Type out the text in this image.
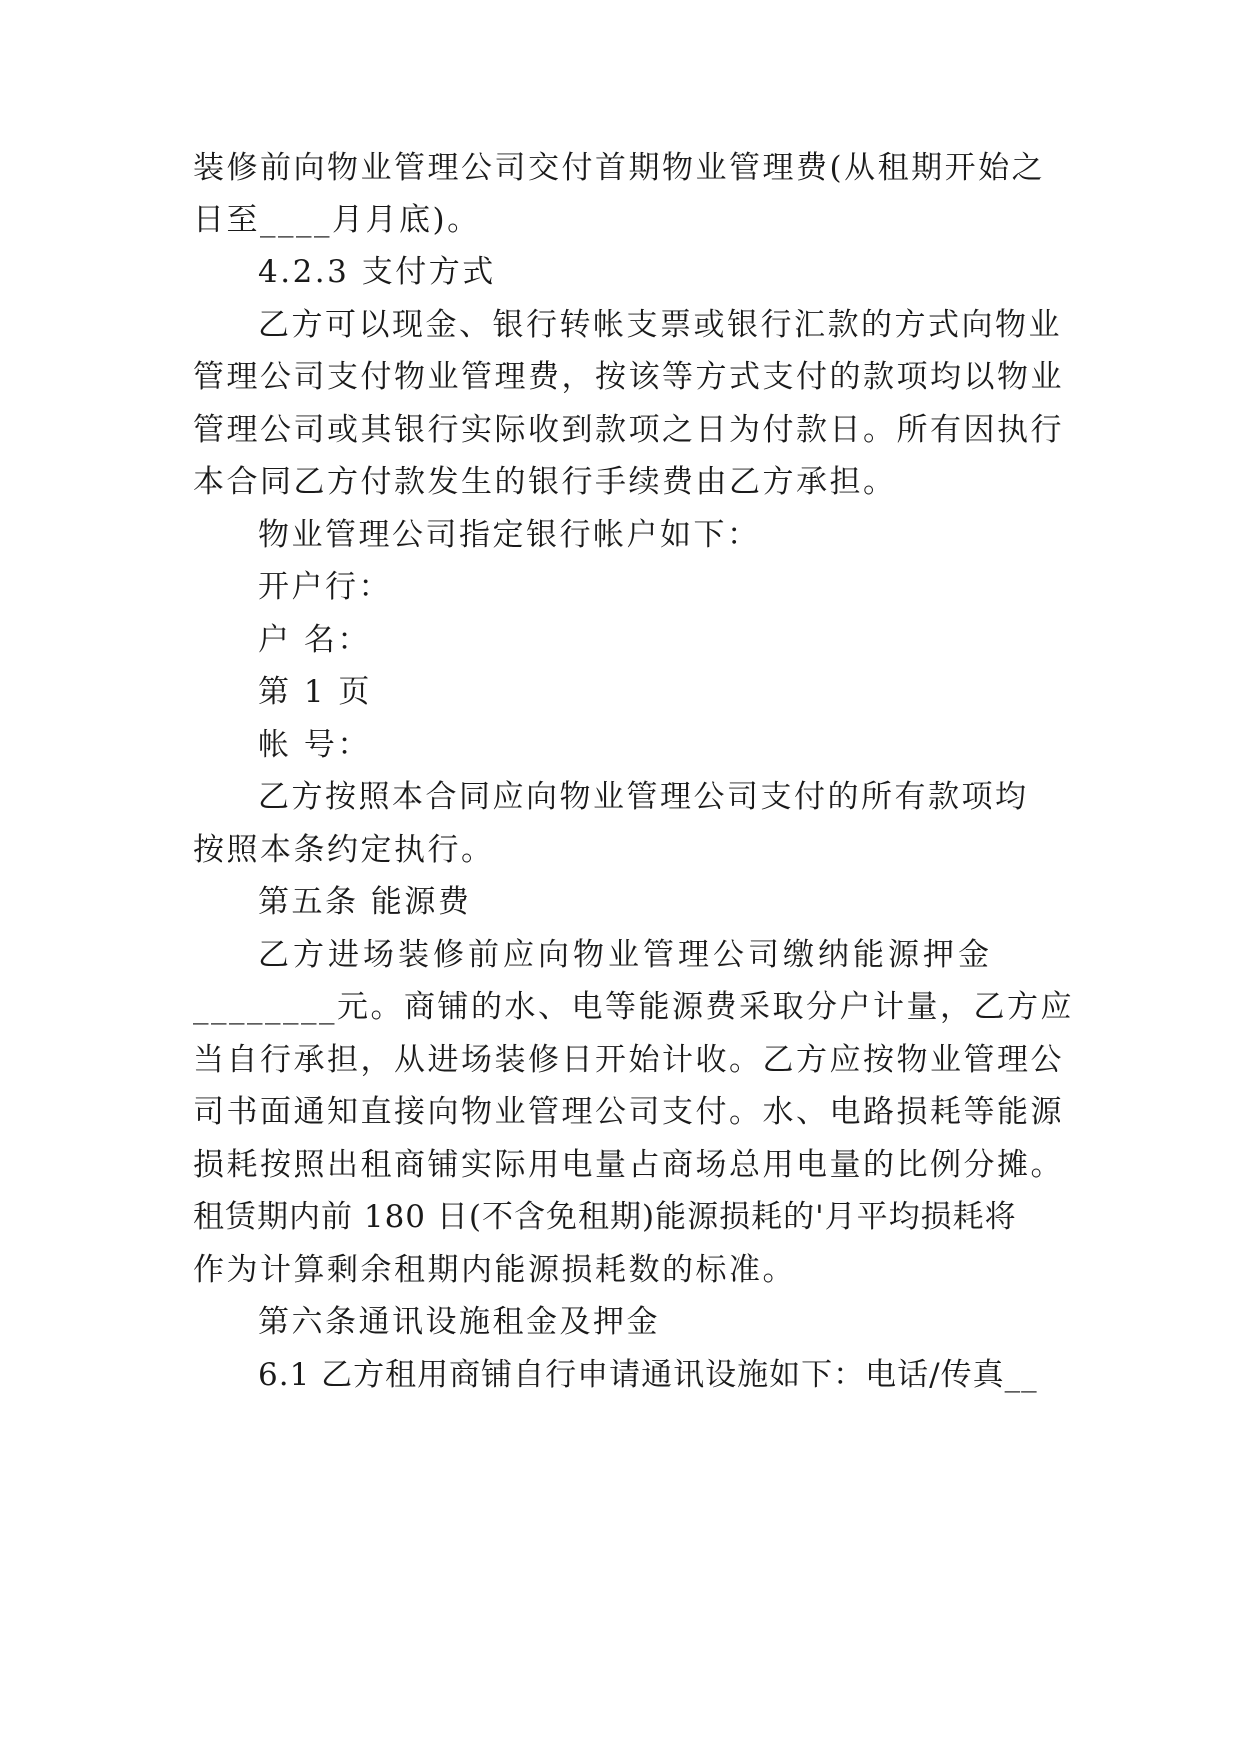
装修前向物业管理公司交付首期物业管理费(从租期开始之
日至____月月底)。
4.2.3 支付方式
乙方可以现金、银行转帐支票或银行汇款的方式向物业
管理公司支付物业管理费，按该等方式支付的款项均以物业
管理公司或其银行实际收到款项之日为付款日。所有因执行
本合同乙方付款发生的银行手续费由乙方承担。
物业管理公司指定银行帐户如下：
开户行：
户 名：
第 1 页
帐 号：
乙方按照本合同应向物业管理公司支付的所有款项均
按照本条约定执行。
第五条 能源费
乙方进场装修前应向物业管理公司缴纳能源押金
________元。商铺的水、电等能源费采取分户计量，乙方应
当自行承担，从进场装修日开始计收。乙方应按物业管理公
司书面通知直接向物业管理公司支付。水、电路损耗等能源
损耗按照出租商铺实际用电量占商场总用电量的比例分摊。
租赁期内前 180 日(不含免租期)能源损耗的'月平均损耗将
作为计算剩余租期内能源损耗数的标准。
第六条通讯设施租金及押金
6.1 乙方租用商铺自行申请通讯设施如下：电话/传真__
